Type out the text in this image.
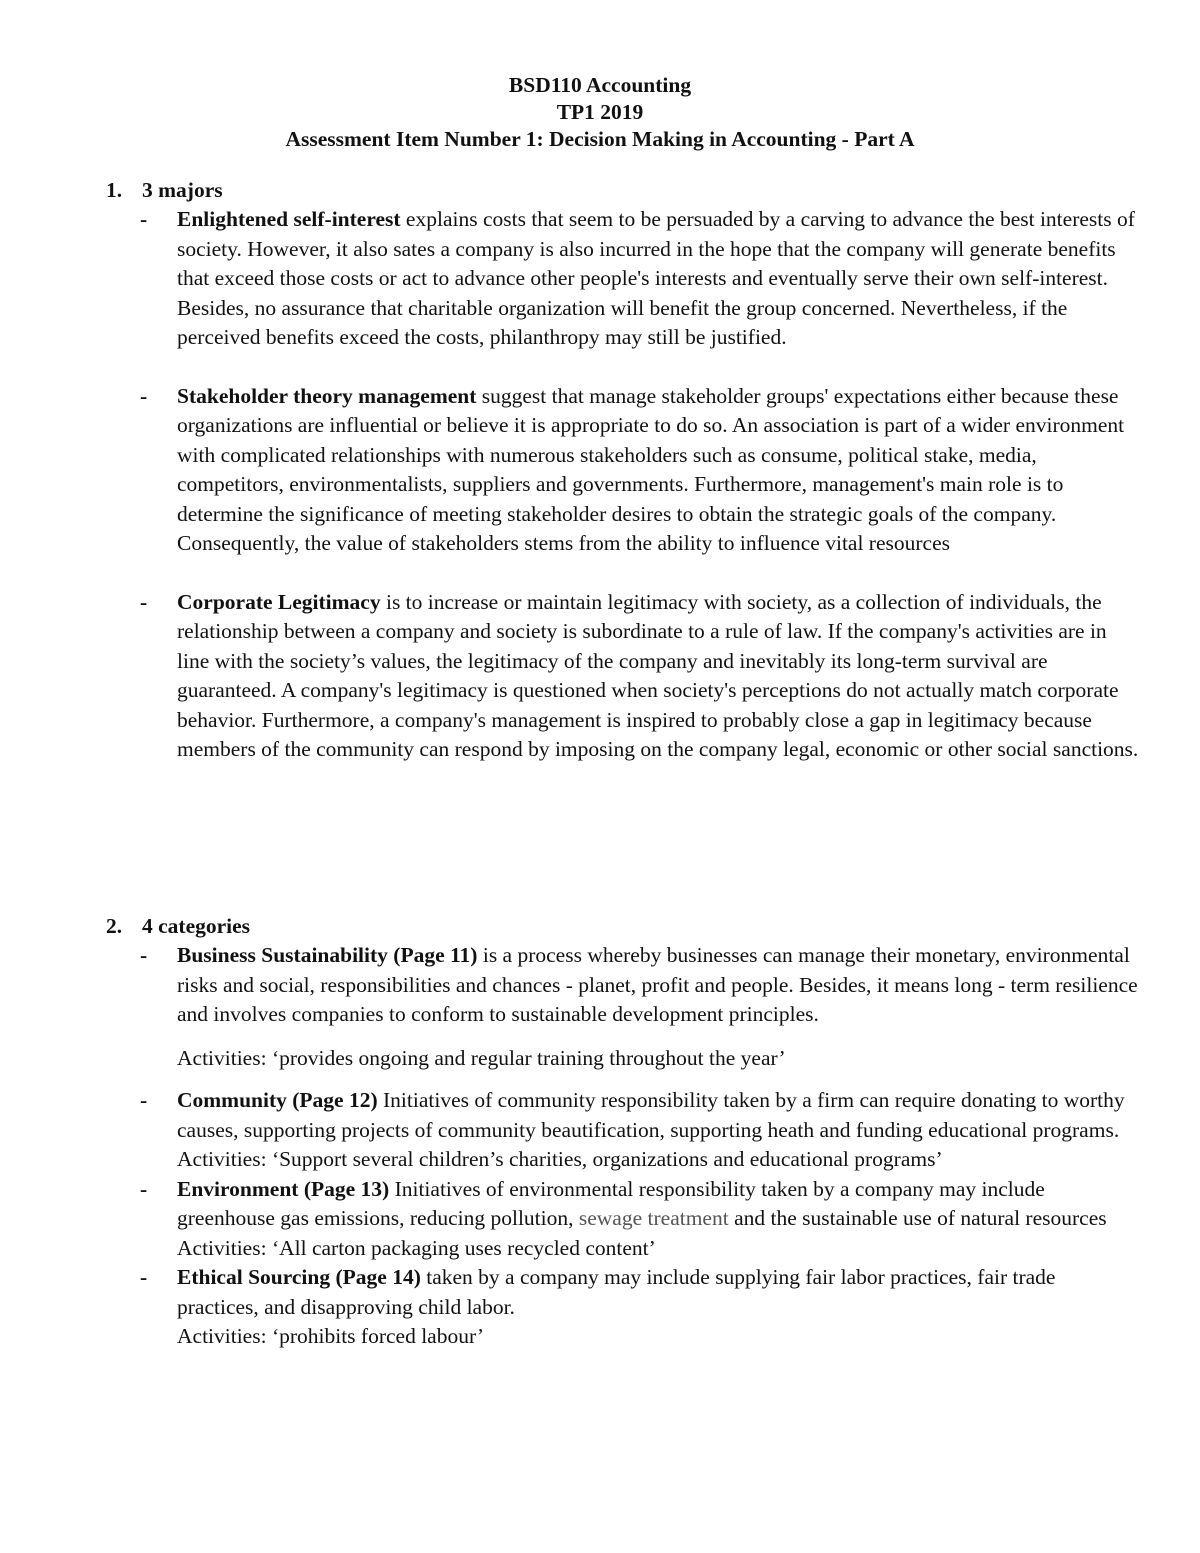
BSD110 Accounting
TP1 2019
Assessment Item Number 1: Decision Making in Accounting - Part A
1. 3 majors
- Enlightened self-interest explains costs that seem to be persuaded by a carving to advance the best interests of society. However, it also sates a company is also incurred in the hope that the company will generate benefits that exceed those costs or act to advance other people's interests and eventually serve their own self-interest. Besides, no assurance that charitable organization will benefit the group concerned. Nevertheless, if the perceived benefits exceed the costs, philanthropy may still be justified.
- Stakeholder theory management suggest that manage stakeholder groups' expectations either because these organizations are influential or believe it is appropriate to do so. An association is part of a wider environment with complicated relationships with numerous stakeholders such as consume, political stake, media, competitors, environmentalists, suppliers and governments. Furthermore, management's main role is to determine the significance of meeting stakeholder desires to obtain the strategic goals of the company. Consequently, the value of stakeholders stems from the ability to influence vital resources
- Corporate Legitimacy is to increase or maintain legitimacy with society, as a collection of individuals, the relationship between a company and society is subordinate to a rule of law. If the company's activities are in line with the society’s values, the legitimacy of the company and inevitably its long-term survival are guaranteed. A company's legitimacy is questioned when society's perceptions do not actually match corporate behavior. Furthermore, a company's management is inspired to probably close a gap in legitimacy because members of the community can respond by imposing on the company legal, economic or other social sanctions.
2. 4 categories
- Business Sustainability (Page 11) is a process whereby businesses can manage their monetary, environmental risks and social, responsibilities and chances - planet, profit and people. Besides, it means long - term resilience and involves companies to conform to sustainable development principles.
Activities: ‘provides ongoing and regular training throughout the year’
- Community (Page 12) Initiatives of community responsibility taken by a firm can require donating to worthy causes, supporting projects of community beautification, supporting heath and funding educational programs.
Activities: ‘Support several children’s charities, organizations and educational programs’
- Environment (Page 13) Initiatives of environmental responsibility taken by a company may include greenhouse gas emissions, reducing pollution, sewage treatment and the sustainable use of natural resources
Activities: ‘All carton packaging uses recycled content’
- Ethical Sourcing (Page 14) taken by a company may include supplying fair labor practices, fair trade practices, and disapproving child labor.
Activities: ‘prohibits forced labour’
